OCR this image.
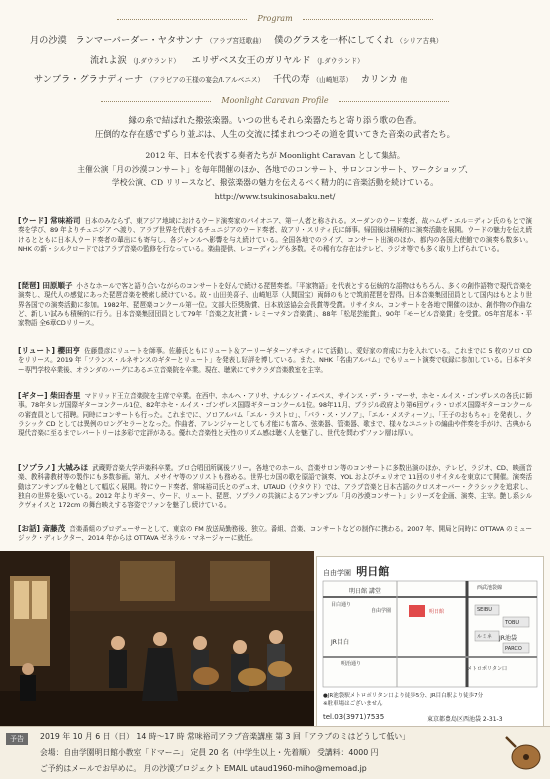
Program
月の沙漠 ランマーバーダー・ヤタサンナ （アラブ宮廷歌曲） 僕のグラスを一杯にしてくれ （シリア古典）
流れよ涙 （J.ダウランド） エリザベス女王のガリヤルド （J.ダウランド）
サンブラ・グラナディーナ （アラビアの王様の宴会/I.アルベニス） 千代の寿 （山崎旭萃） カリンカ 他
Moonlight Caravan Profile
縁の糸で結ばれた撥弦楽器。いつの世もそれら楽器たちと寄り添う歌の色香。
圧倒的な存在感でずらり並ぶは、人生の交流に揉まれつつその道を貫いてきた音楽の武者たち。
2012 年、日本を代表する奏者たちが Moonlight Caravan として集結。
主催公演「月の沙漠コンサート」を毎年開催のほか、各地でのコンサート、サロンコンサート、ワークショップ、
学校公演、CD リリースなど、撥弦楽器の魅力を伝えるべく精力的に音楽活動を続けている。
http://www.tsukinosabaku.net/
[ウード] 常味裕司 日本のみならず、東アジア地域におけるウード演奏家のパイオニア、第一人者と称される。スーダンのウード奏者、故ハムザ・エル＝ディン氏のもとで演奏を学び、89 年よりチュニジア へ渡り、アラブ世界を代表するチュニジアのウード奏者、故アリ・スリティ氏に師事。帰国後は積極的に演奏活動を展開。ウードの魅力を伝え続けるとともに日本人ウード奏者の輩出にも寄与し、各ジャンルへ影響を与え続けている。全国各地でのライブ、コンサート出演のほか、都内の各国大使館での演奏も数多い。NHK の新・シルクロードではアラブ音楽の監修を行なっている。楽曲提供、レコーディングも多数。その稀有な存在はテレビ、ラジオ等でも多く取り上げられている。
[琵琶] 田原順子 小さなホールで客と語り合いながらのコンサートを好んで続ける琵琶奏者。「平家物語」を代表とする伝統的な語物はもちろん、多くの創作語物で現代音楽を演奏し、現代人の感覚にあった琵琶音楽を模索し続けている。故・山田美喜子、山崎旭萃（人間国宝）両師のもとで筑前琵琶を習得。日本音楽集団団員として国内はもとより世界各国での演奏活動に参加。1982年、琵琶楽コンクール第一位。文部大臣奨励賞、日本放送協会会長賞等受賞。リサイタル、コンサートを各地で開催のほか、創作物の作曲など、新しい試みも積極的に行う。日本音楽集団団員として79年「音楽之友社賞・レミーマタン音楽賞」、88年「松尾芸能賞」、90年「モービル音楽賞」を受賞。05年宮尾本・平家物語 全6章CDリリース。
[リュート] 櫻田亨 佐藤豊彦にリュートを師事。佐藤氏ともにリュート＆アーリーギターソサエティにて活動し、愛好家の育成に力を入れている。これまでに 5 枚のソロ CD をリリース。2019 年「フランス・ルネサンスのギターとリュート」を発表し好評を博している。また、NHK「名曲アルバム」でもリュート演奏で収録に参加している。日本ギター専門学校卒業後、オランダのハーグにあるエ立音楽院を卒業。現在、聴衆にてサクラダ音楽教室を主宰。
[ギター] 柴田杏里 マドリッド王立音楽院を主席で卒業。在西中、ホルヘ・アリサ、ナルシソ・イエペス、サインス・デ・ラ・マーサ、ホセ・ルイス・ゴンザレスの各氏に師事。78年タレガ国際ギターコンクール1位、82年ホセ・ルイス・ゴンザレス国際ギターコンクール1位。98年11月、ブラジル政府より第6回ヴィラ・ロボス国際ギターコンクールの審査員として招聘。同時にコンサートも行った。これまでに、ソロアルバム「エル・ラストロ」、「パラ・ス・ソノア」、「エル・メスティーソ」、「王子のおもちゃ」を発表し、クラシック CD としては異例のロングセラーとなった。作曲者、アレンジャーとしても才能にも富み、弦楽器、管楽器、歌まで、様々なユニットの編曲や伴奏を手がけ、古典から現代音楽に至るまでレパートリーは多彩で定評がある。優れた音楽性と天性のリズム感は聴く人を魅了し、世代を問わずファン層は厚い。
[ソプラノ] 大城みほ 武蔵野音楽大学声楽科卒業。プロ合唱団所属後フリー。各地でのホール、音楽サロン等のコンサートに多数出演のほか、テレビ、ラジオ、CD、映画音楽、教科書教材等の製作にも多数参画。第九、メサイヤ等のソリストも務める。世界七カ国の歌を原語で演奏、YOL およびチェリオで 11回のリサイタルを東京にて開催。演奏活動はアンサンブルを軸として幅広く展開。特にウード奏者、常味裕司氏とのデュオ、UTAUD（ウタウド）では、アラブ音楽と日本古謡のクロスオーバー・クラシックを追求し、独自の世界を築いている。2012 年よりギター、ウード、リュート、琵琶、ソプラノの共演によるアンサンブル「月の沙漠コンサート」シリーズを企画、演奏、主宰。艶し系シルクヴォイスと 172cm の舞台映えする容姿でファンを魅了し続けている。
[お話] 斎藤茂 音楽番組のプロデューサーとして、東京の FM 放送局勤務後、独立。番組、音楽、コンサートなどの制作に携わる。2007 年、開局と同時に OTTAVA のミュージック・ディレクター、2014 年からは OTTAVA ゼネラル・マネージャーに就任。
自由学園 明日館
明日館 講堂
自由学園	明日館
西武池袋線
JR目白
JR池袋
目白通り
明治通り
TOBU
SEIBU
PARCO
ルミネ
メトロポリタン口
●JR池袋駅メトロポリタン口より徒歩5分、JR目白駅より徒歩7分
※駐車場はございません
tel.03(3971)7535	東京都豊島区西池袋 2-31-3
予告	2019 年 10 月 6 日（日） 14 時〜17 時 常味裕司アラブ音楽講座 第 3 回「アラブのミはどうして低い」
会場：自由学園明日館小教室「ドマーニ」 定員 20 名（中学生以上・先着順） 受講料：4000 円
ご予約はメールでお早めに。 月の沙漠プロジェクト EMAIL utaud1960-miho@memoad.jp
